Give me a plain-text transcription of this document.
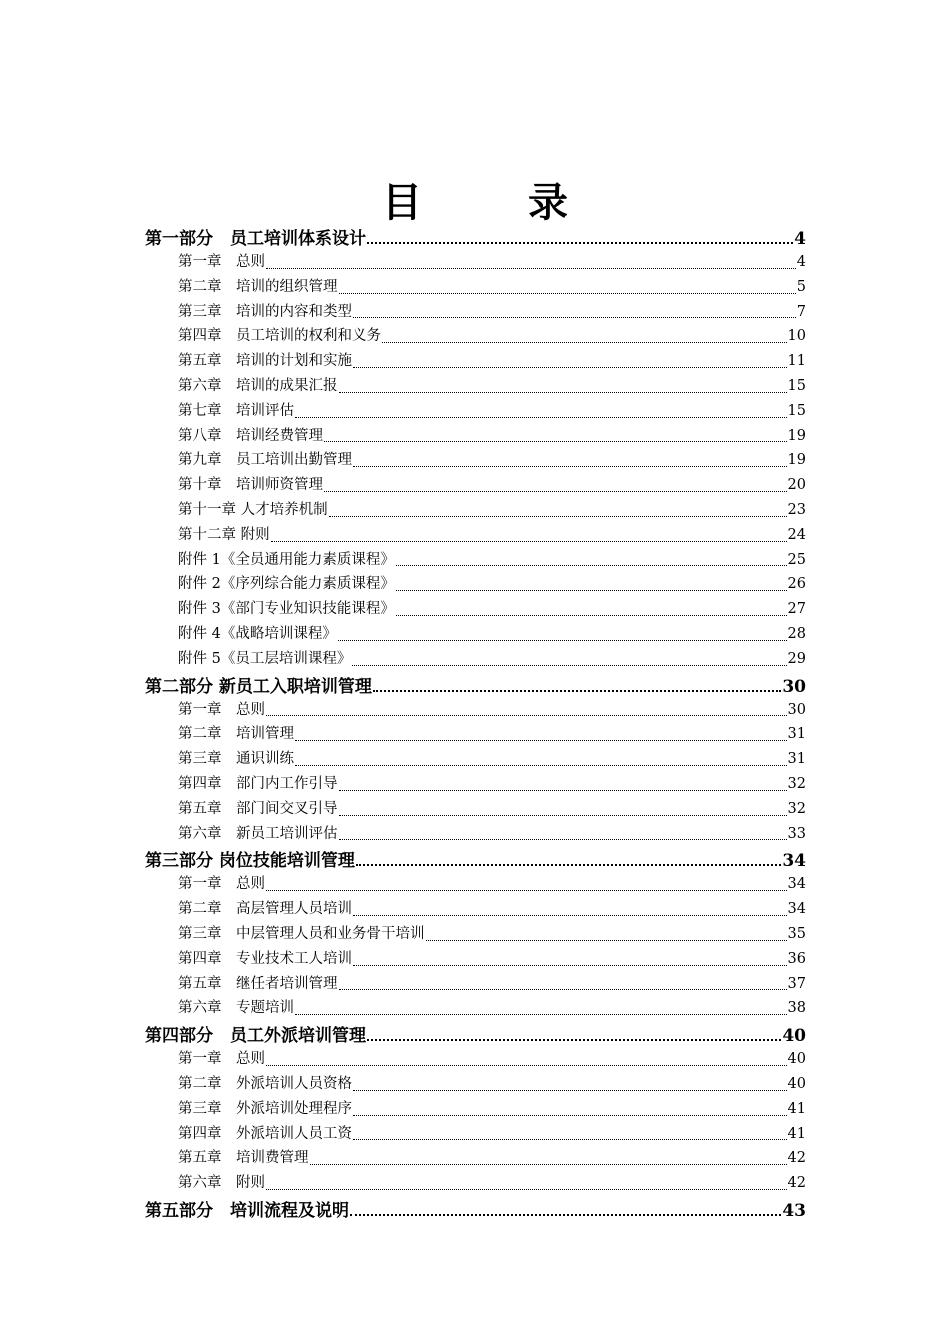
目 录
第一部分　员工培训体系设计	4
第一章　总则	4
第二章　培训的组织管理	5
第三章　培训的内容和类型	7
第四章　员工培训的权利和义务	10
第五章　培训的计划和实施	11
第六章　培训的成果汇报	15
第七章　培训评估	15
第八章　培训经费管理	19
第九章　员工培训出勤管理	19
第十章　培训师资管理	20
第十一章 人才培养机制	23
第十二章 附则	24
附件 1《全员通用能力素质课程》	25
附件 2《序列综合能力素质课程》	26
附件 3《部门专业知识技能课程》	27
附件 4《战略培训课程》	28
附件 5《员工层培训课程》	29
第二部分 新员工入职培训管理	30
第一章　总则	30
第二章　培训管理	31
第三章　通识训练	31
第四章　部门内工作引导	32
第五章　部门间交叉引导	32
第六章　新员工培训评估	33
第三部分 岗位技能培训管理	34
第一章　总则	34
第二章　高层管理人员培训	34
第三章　中层管理人员和业务骨干培训	35
第四章　专业技术工人培训	36
第五章　继任者培训管理	37
第六章　专题培训	38
第四部分　员工外派培训管理	40
第一章　总则	40
第二章　外派培训人员资格	40
第三章　外派培训处理程序	41
第四章　外派培训人员工资	41
第五章　培训费管理	42
第六章　附则	42
第五部分　培训流程及说明	43
